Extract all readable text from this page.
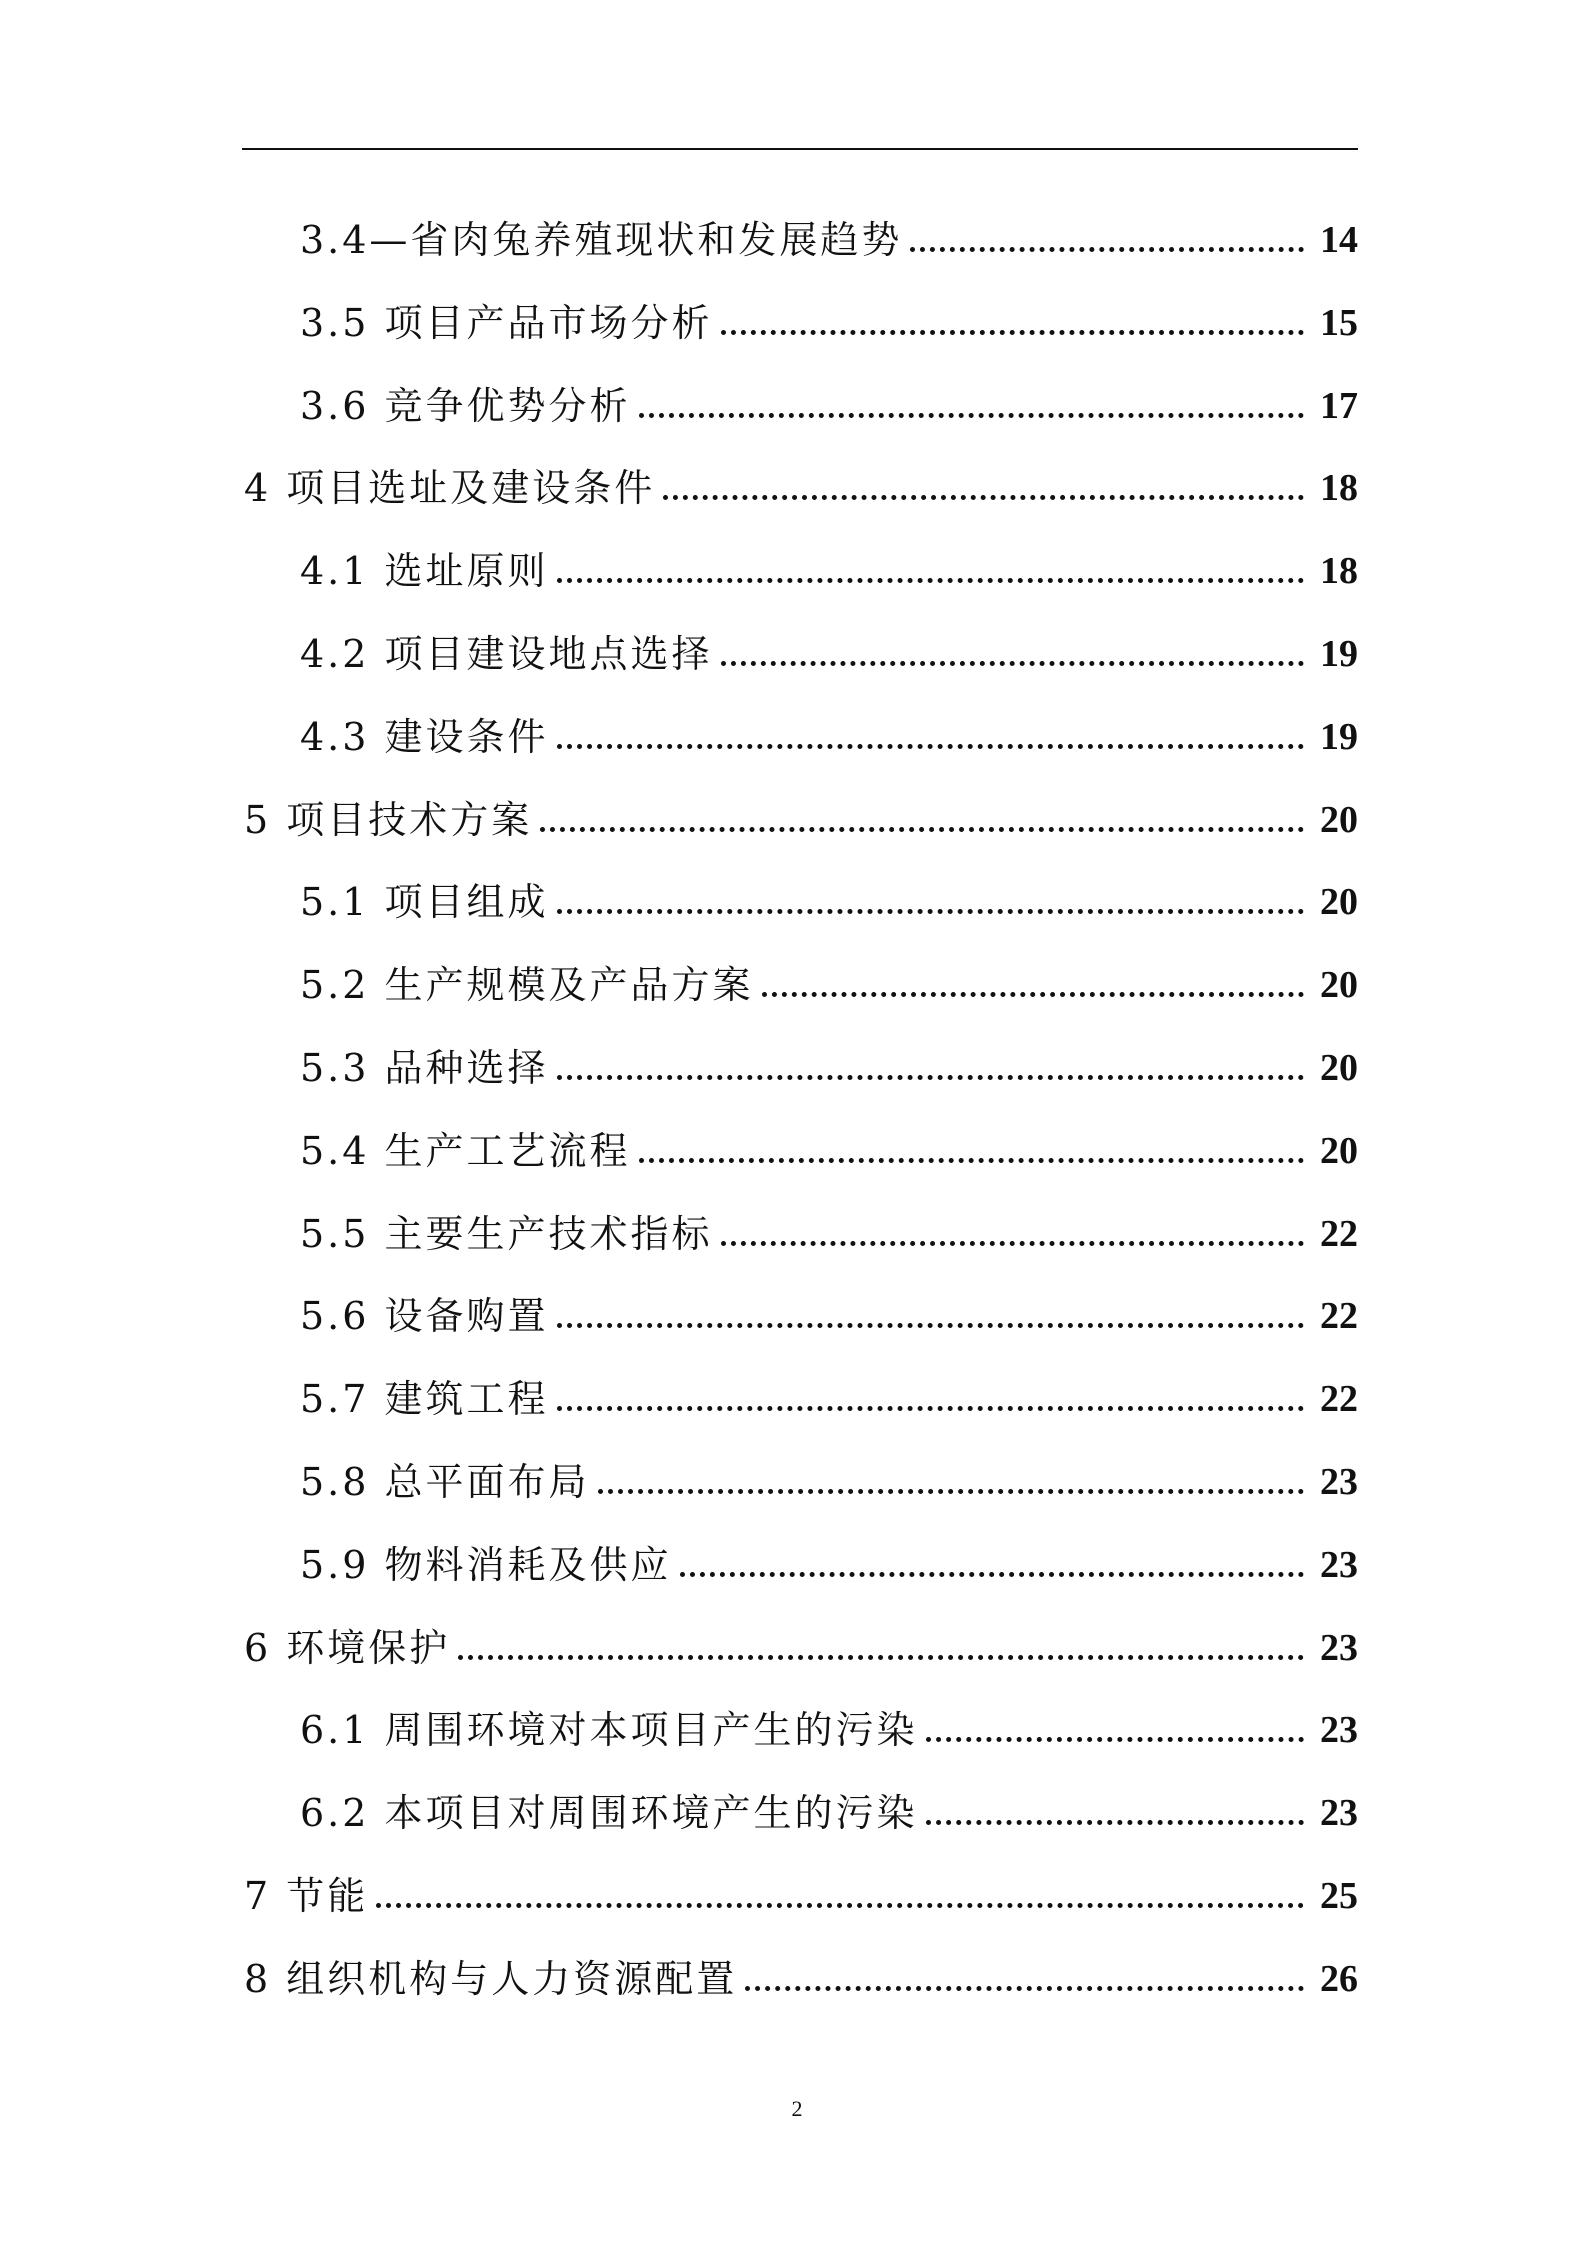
3.4—省肉兔养殖现状和发展趋势	14
3.5 项目产品市场分析	15
3.6 竞争优势分析	17
4 项目选址及建设条件	18
4.1 选址原则	18
4.2 项目建设地点选择	19
4.3 建设条件	19
5 项目技术方案	20
5.1 项目组成	20
5.2 生产规模及产品方案	20
5.3 品种选择	20
5.4 生产工艺流程	20
5.5 主要生产技术指标	22
5.6 设备购置	22
5.7 建筑工程	22
5.8 总平面布局	23
5.9 物料消耗及供应	23
6 环境保护	23
6.1 周围环境对本项目产生的污染	23
6.2 本项目对周围环境产生的污染	23
7 节能	25
8 组织机构与人力资源配置	26
2
